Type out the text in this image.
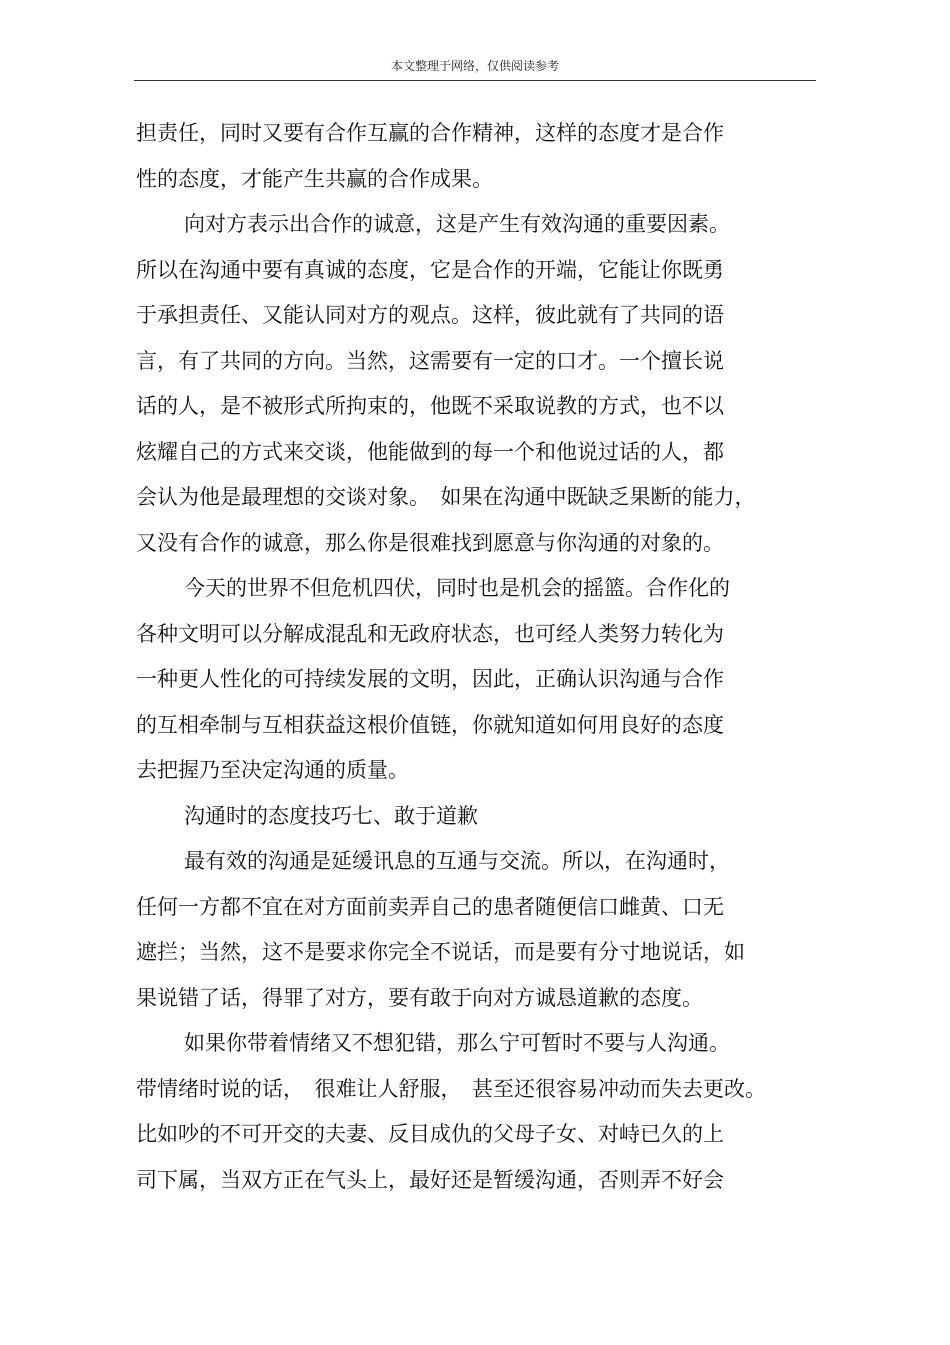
本文整理于网络，仅供阅读参考
担责任，同时又要有合作互赢的合作精神，这样的态度才是合作
性的态度，才能产生共赢的合作成果。
向对方表示出合作的诚意，这是产生有效沟通的重要因素。
所以在沟通中要有真诚的态度，它是合作的开端，它能让你既勇
于承担责任、又能认同对方的观点。这样，彼此就有了共同的语
言，有了共同的方向。当然，这需要有一定的口才。一个擅长说
话的人，是不被形式所拘束的，他既不采取说教的方式，也不以
炫耀自己的方式来交谈，他能做到的每一个和他说过话的人，都
会认为他是最理想的交谈对象。　如果在沟通中既缺乏果断的能力，
又没有合作的诚意，那么你是很难找到愿意与你沟通的对象的。
今天的世界不但危机四伏，同时也是机会的摇篮。合作化的
各种文明可以分解成混乱和无政府状态，也可经人类努力转化为
一种更人性化的可持续发展的文明，因此，正确认识沟通与合作
的互相牵制与互相获益这根价值链，你就知道如何用良好的态度
去把握乃至决定沟通的质量。
沟通时的态度技巧七、敢于道歉
最有效的沟通是延缓讯息的互通与交流。所以，在沟通时，
任何一方都不宜在对方面前卖弄自己的患者随便信口雌黄、口无
遮拦；当然，这不是要求你完全不说话，而是要有分寸地说话，如
果说错了话，得罪了对方，要有敢于向对方诚恳道歉的态度。
如果你带着情绪又不想犯错，那么宁可暂时不要与人沟通。
带情绪时说的话，　很难让人舒服，　甚至还很容易冲动而失去更改。
比如吵的不可开交的夫妻、反目成仇的父母子女、对峙已久的上
司下属，当双方正在气头上，最好还是暂缓沟通，否则弄不好会
